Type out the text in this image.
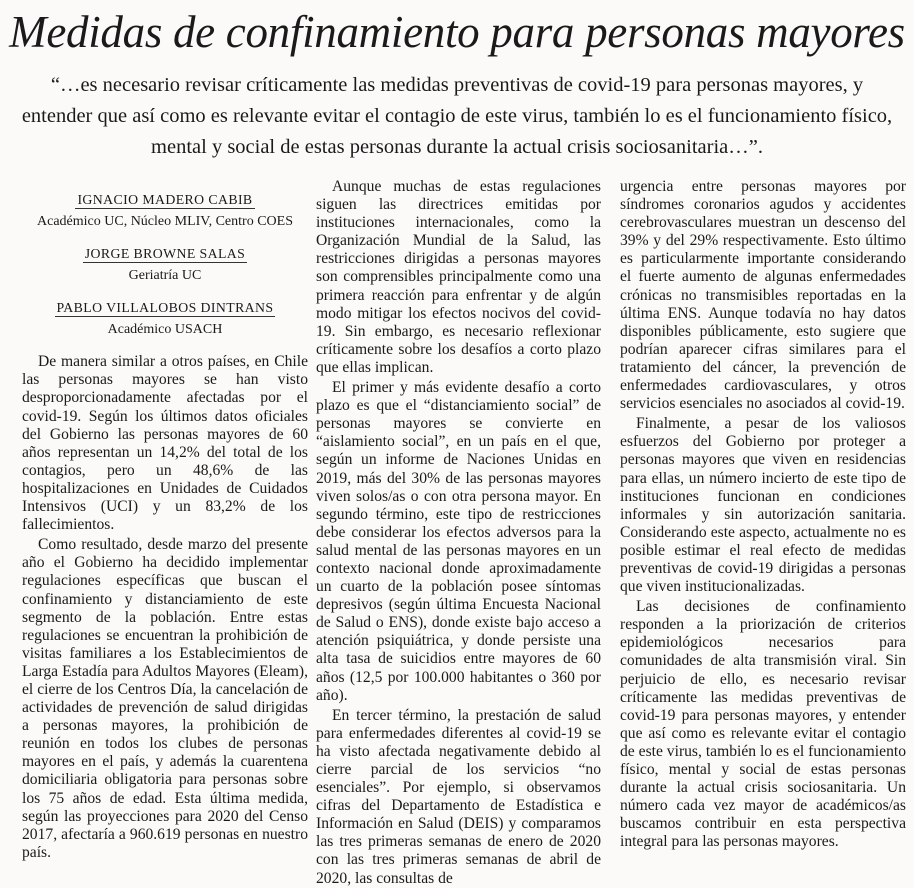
Medidas de confinamiento para personas mayores
“…es necesario revisar críticamente las medidas preventivas de covid-19 para personas mayores, y entender que así como es relevante evitar el contagio de este virus, también lo es el funcionamiento físico, mental y social de estas personas durante la actual crisis sociosanitaria…”.
IGNACIO MADERO CABIB
Académico UC, Núcleo MLIV, Centro COES
JORGE BROWNE SALAS
Geriatría UC
PABLO VILLALOBOS DINTRANS
Académico USACH

De manera similar a otros países, en Chile las personas mayores se han visto desproporcionadamente afectadas por el covid-19. Según los últimos datos oficiales del Gobierno las personas mayores de 60 años representan un 14,2% del total de los contagios, pero un 48,6% de las hospitalizaciones en Unidades de Cuidados Intensivos (UCI) y un 83,2% de los fallecimientos.

Como resultado, desde marzo del presente año el Gobierno ha decidido implementar regulaciones específicas que buscan el confinamiento y distanciamiento de este segmento de la población. Entre estas regulaciones se encuentran la prohibición de visitas familiares a los Establecimientos de Larga Estadía para Adultos Mayores (Eleam), el cierre de los Centros Día, la cancelación de actividades de prevención de salud dirigidas a personas mayores, la prohibición de reunión en todos los clubes de personas mayores en el país, y además la cuarentena domiciliaria obligatoria para personas sobre los 75 años de edad. Esta última medida, según las proyecciones para 2020 del Censo 2017, afectaría a 960.619 personas en nuestro país.

Aunque muchas de estas regulaciones siguen las directrices emitidas por instituciones internacionales, como la Organización Mundial de la Salud, las restricciones dirigidas a personas mayores son comprensibles principalmente como una primera reacción para enfrentar y de algún modo mitigar los efectos nocivos del covid-19. Sin embargo, es necesario reflexionar críticamente sobre los desafíos a corto plazo que ellas implican.

El primer y más evidente desafío a corto plazo es que el “distanciamiento social” de personas mayores se convierte en “aislamiento social”, en un país en el que, según un informe de Naciones Unidas en 2019, más del 30% de las personas mayores viven solos/as o con otra persona mayor. En segundo término, este tipo de restricciones debe considerar los efectos adversos para la salud mental de las personas mayores en un contexto nacional donde aproximadamente un cuarto de la población posee síntomas depresivos (según última Encuesta Nacional de Salud o ENS), donde existe bajo acceso a atención psiquiátrica, y donde persiste una alta tasa de suicidios entre mayores de 60 años (12,5 por 100.000 habitantes o 360 por año).

En tercer término, la prestación de salud para enfermedades diferentes al covid-19 se ha visto afectada negativamente debido al cierre parcial de los servicios “no esenciales”. Por ejemplo, si observamos cifras del Departamento de Estadística e Información en Salud (DEIS) y comparamos las tres primeras semanas de enero de 2020 con las tres primeras semanas de abril de 2020, las consultas de

urgencia entre personas mayores por síndromes coronarios agudos y accidentes cerebrovasculares muestran un descenso del 39% y del 29% respectivamente. Esto último es particularmente importante considerando el fuerte aumento de algunas enfermedades crónicas no transmisibles reportadas en la última ENS. Aunque todavía no hay datos disponibles públicamente, esto sugiere que podrían aparecer cifras similares para el tratamiento del cáncer, la prevención de enfermedades cardiovasculares, y otros servicios esenciales no asociados al covid-19.

Finalmente, a pesar de los valiosos esfuerzos del Gobierno por proteger a personas mayores que viven en residencias para ellas, un número incierto de este tipo de instituciones funcionan en condiciones informales y sin autorización sanitaria. Considerando este aspecto, actualmente no es posible estimar el real efecto de medidas preventivas de covid-19 dirigidas a personas que viven institucionalizadas.

Las decisiones de confinamiento responden a la priorización de criterios epidemiológicos necesarios para comunidades de alta transmisión viral. Sin perjuicio de ello, es necesario revisar críticamente las medidas preventivas de covid-19 para personas mayores, y entender que así como es relevante evitar el contagio de este virus, también lo es el funcionamiento físico, mental y social de estas personas durante la actual crisis sociosanitaria. Un número cada vez mayor de académicos/as buscamos contribuir en esta perspectiva integral para las personas mayores.
